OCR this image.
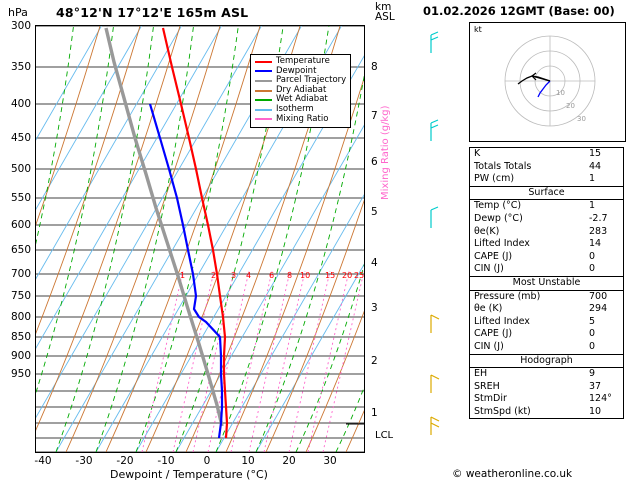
hPa 48°12'N 17°12'E 165m ASL	km
ASL
1	2 3 4 6 8 10 15 20 25
Temperature
Dewpoint
Parcel Trajectory
Dry Adiabat
Wet Adiabat
Isotherm
Mixing Ratio
300
350
400
450
500
550
600
650
700
750
800
850
900
950
-40 -30 -20 -10	0	10	20	30
Dewpoint / Temperature (°C)
8
7
6
5
4
3
2
1
Mixing Ratio (g/kg)
LCL
01.02.2026 12GMT (Base: 00)
kt
10
20
30
K	15
Totals Totals	44
PW (cm)	1
Surface
Temp (°C)	1
Dewp (°C)	-2.7
θe(K)	283
Lifted Index	14
CAPE (J)	0
CIN (J)	0
Most Unstable
Pressure (mb)	700
θe (K)	294
Lifted Index	5
CAPE (J)	0
CIN (J)	0
Hodograph
EH	9
SREH	37
StmDir	124°
StmSpd (kt)	10
© weatheronline.co.uk
